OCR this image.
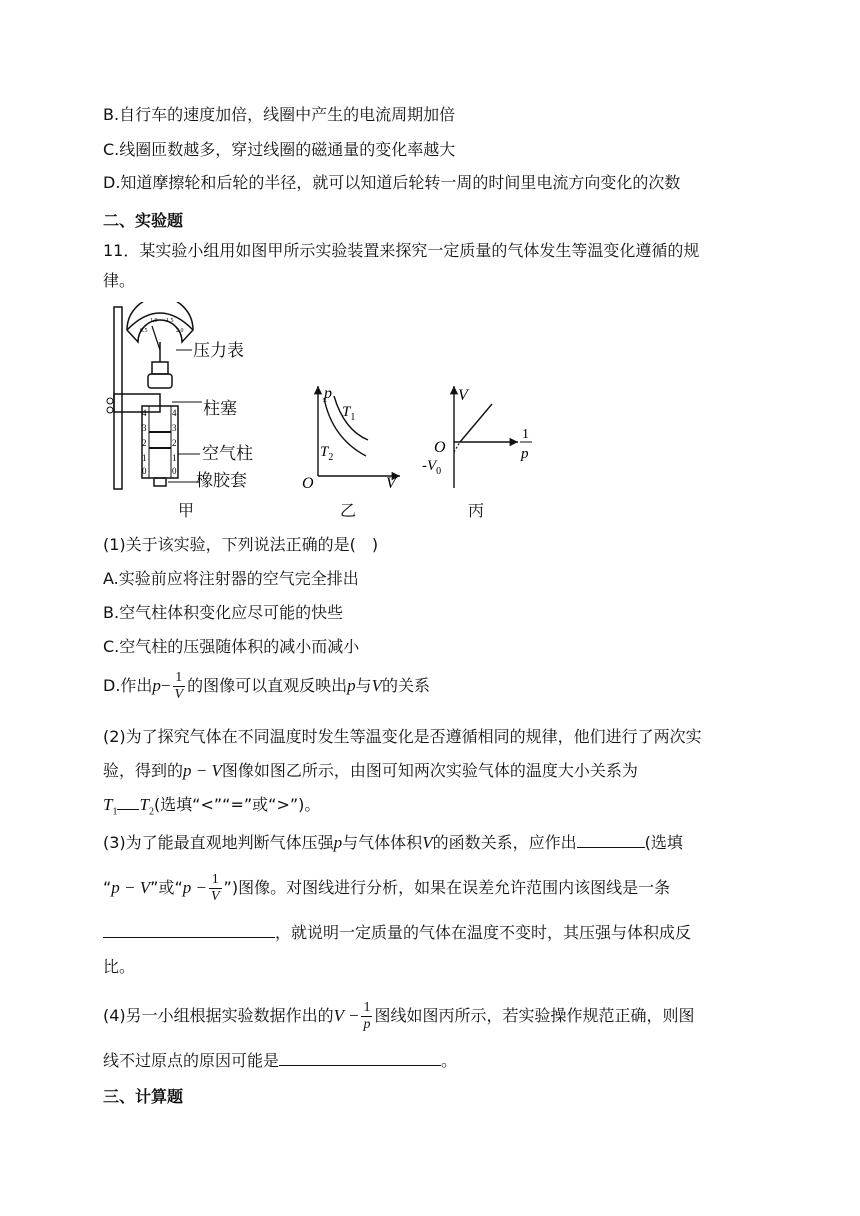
B.自行车的速度加倍，线圈中产生的电流周期加倍
C.线圈匝数越多，穿过线圈的磁通量的变化率越大
D.知道摩擦轮和后轮的半径，就可以知道后轮转一周的时间里电流方向变化的次数
二、实验题
11．某实验小组用如图甲所示实验装置来探究一定质量的气体发生等温变化遵循的规
律。
0.5
1.0 1.5
2.0
4
3
2
1
0
4
3
2
1
0
压力表
柱塞
空气柱
橡胶套
甲
p
V
O
$T_1$
$T_2$
乙
V
O
$-V_0$
1
p
丙
(1)关于该实验，下列说法正确的是(　)
A.实验前应将注射器的空气完全排出
B.空气柱体积变化应尽可能的快些
C.空气柱的压强随体积的减小而减小
D.作出$p- \frac{1}{V}$ 的图像可以直观反映出p与V的关系
(2)为了探究气体在不同温度时发生等温变化是否遵循相同的规律，他们进行了两次实
验，得到的p − V图像如图乙所示，由图可知两次实验气体的温度大小关系为
$T_1$ $T_2$(选填“<”“=”或“>”)。
(3)为了能最直观地判断气体压强p与气体体积V的函数关系，应作出	(选填
“p − V”或“$p - \frac{1}{V}$ ”)图像。对图线进行分析，如果在误差允许范围内该图线是一条
，就说明一定质量的气体在温度不变时，其压强与体积成反
比。
(4)另一小组根据实验数据作出的$V - \frac{1}{p}$ 图线如图丙所示，若实验操作规范正确，则图
线不过原点的原因可能是	。
三、计算题
